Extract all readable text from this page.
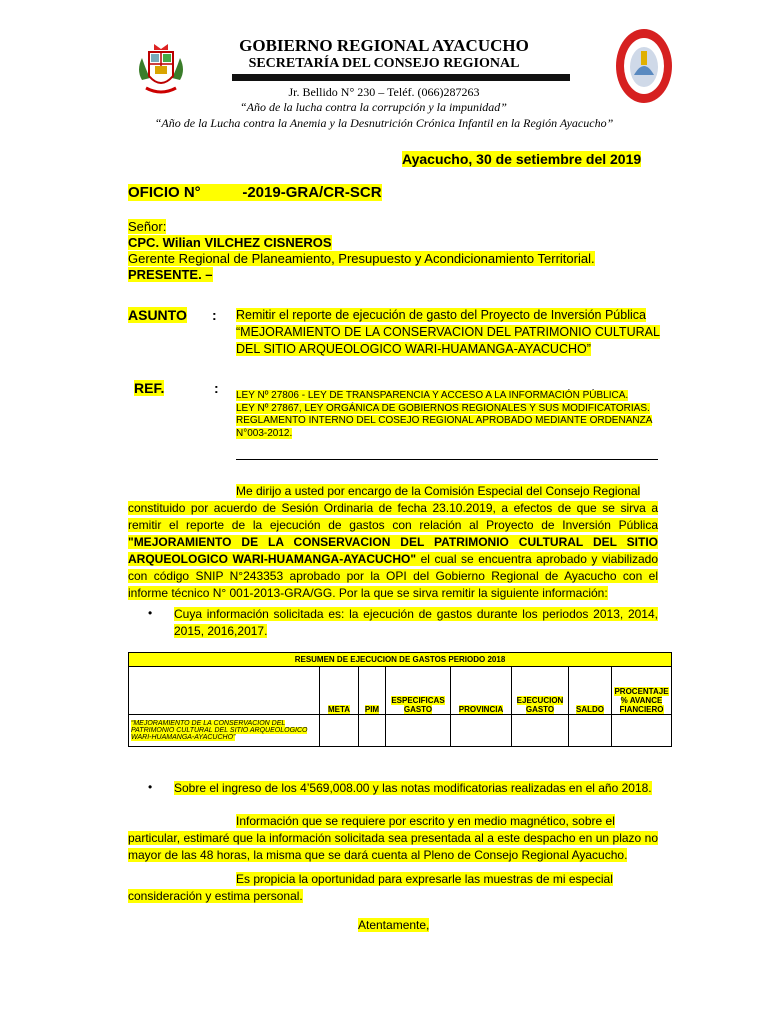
GOBIERNO REGIONAL AYACUCHO
SECRETARÍA DEL CONSEJO REGIONAL
Jr. Bellido N° 230 – Teléf. (066)287263
“Año de la lucha contra la corrupción y la impunidad”
“Año de la Lucha contra la Anemia y la Desnutrición Crónica Infantil en la Región Ayacucho”
Ayacucho, 30 de setiembre del 2019
OFICIO N°          -2019-GRA/CR-SCR
Señor:
CPC. Wilian VILCHEZ CISNEROS
Gerente Regional de Planeamiento, Presupuesto y Acondicionamiento Territorial.
PRESENTE. –
ASUNTO : Remitir el reporte de ejecución de gasto del Proyecto de Inversión Pública
“MEJORAMIENTO DE LA CONSERVACION DEL PATRIMONIO CULTURAL
DEL SITIO ARQUEOLOGICO WARI-HUAMANGA-AYACUCHO”
REF.	: LEY Nº 27806 - LEY DE TRANSPARENCIA Y ACCESO A LA INFORMACIÓN PÚBLICA.
LEY Nº 27867, LEY ORGÁNICA DE GOBIERNOS REGIONALES Y SUS MODIFICATORIAS.
REGLAMENTO INTERNO DEL COSEJO REGIONAL APROBADO MEDIANTE ORDENANZA
N°003-2012.
Me dirijo a usted por encargo de la Comisión Especial del Consejo Regional
constituido por acuerdo de Sesión Ordinaria de fecha 23.10.2019, a efectos de que se sirva a remitir el reporte de la ejecución de gastos con relación al Proyecto de Inversión Pública "MEJORAMIENTO DE LA CONSERVACION DEL PATRIMONIO CULTURAL DEL SITIO ARQUEOLOGICO WARI-HUAMANGA-AYACUCHO" el cual se encuentra aprobado y viabilizado con código SNIP N°243353 aprobado por la OPI del Gobierno Regional de Ayacucho con el informe técnico N° 001-2013-GRA/GG. Por la que se sirva remitir la siguiente información:
• Cuya información solicitada es: la ejecución de gastos durante los periodos 2013, 2014, 2015, 2016,2017.
RESUMEN DE EJECUCION DE GASTOS PERIODO 2018							
	META	PIM	ESPECIFICAS GASTO	PROVINCIA	EJECUCION GASTO	SALDO	PROCENTAJE % AVANCE FIANCIERO
“MEJORAMIENTO DE LA CONSERVACION DEL PATRIMONIO CULTURAL DEL SITIO ARQUEOLOGICO WARI-HUAMANGA-AYACUCHO”							
• Sobre el ingreso de los 4’569,008.00 y las notas modificatorias realizadas en el año 2018.
Información que se requiere por escrito y en medio magnético, sobre el
particular, estimaré que la información solicitada sea presentada al a este despacho en un plazo no mayor de las 48 horas, la misma que se dará cuenta al Pleno de Consejo Regional Ayacucho.
Es propicia la oportunidad para expresarle las muestras de mi especial
consideración y estima personal.
Atentamente,
